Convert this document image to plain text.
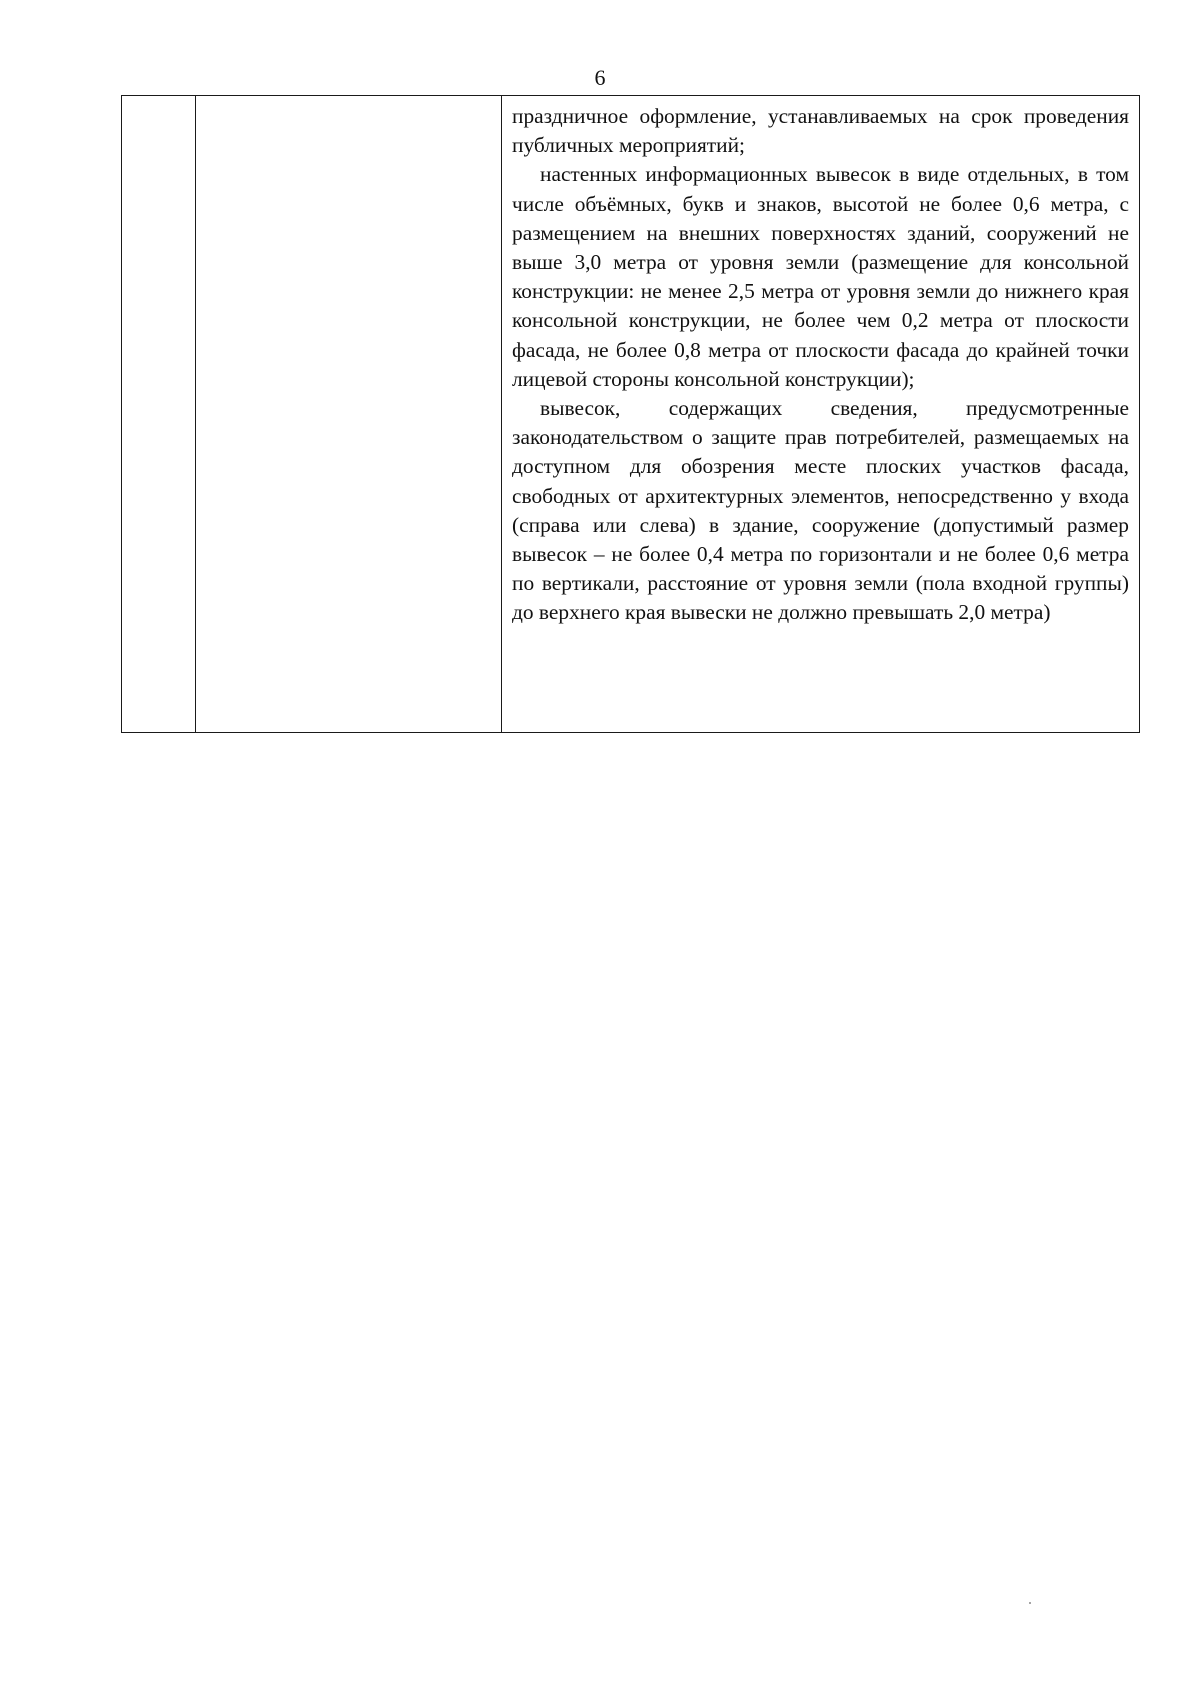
6

праздничное оформление, устанавливаемых на срок проведения публичных мероприятий;

настенных информационных вывесок в виде отдельных, в том числе объёмных, букв и знаков, высотой не более 0,6 метра, с размещением на внешних поверхностях зданий, сооружений не выше 3,0 метра от уровня земли (размещение для консольной конструкции: не менее 2,5 метра от уровня земли до нижнего края консольной конструкции, не более чем 0,2 метра от плоскости фасада, не более 0,8 метра от плоскости фасада до крайней точки лицевой стороны консольной конструкции);

вывесок, содержащих сведения, предусмотренные законодательством о защите прав потребителей, размещаемых на доступном для обозрения месте плоских участков фасада, свободных от архитектурных элементов, непосредственно у входа (справа или слева) в здание, сооружение (допустимый размер вывесок – не более 0,4 метра по горизонтали и не более 0,6 метра по вертикали, расстояние от уровня земли (пола входной группы) до верхнего края вывески не должно превышать 2,0 метра)
